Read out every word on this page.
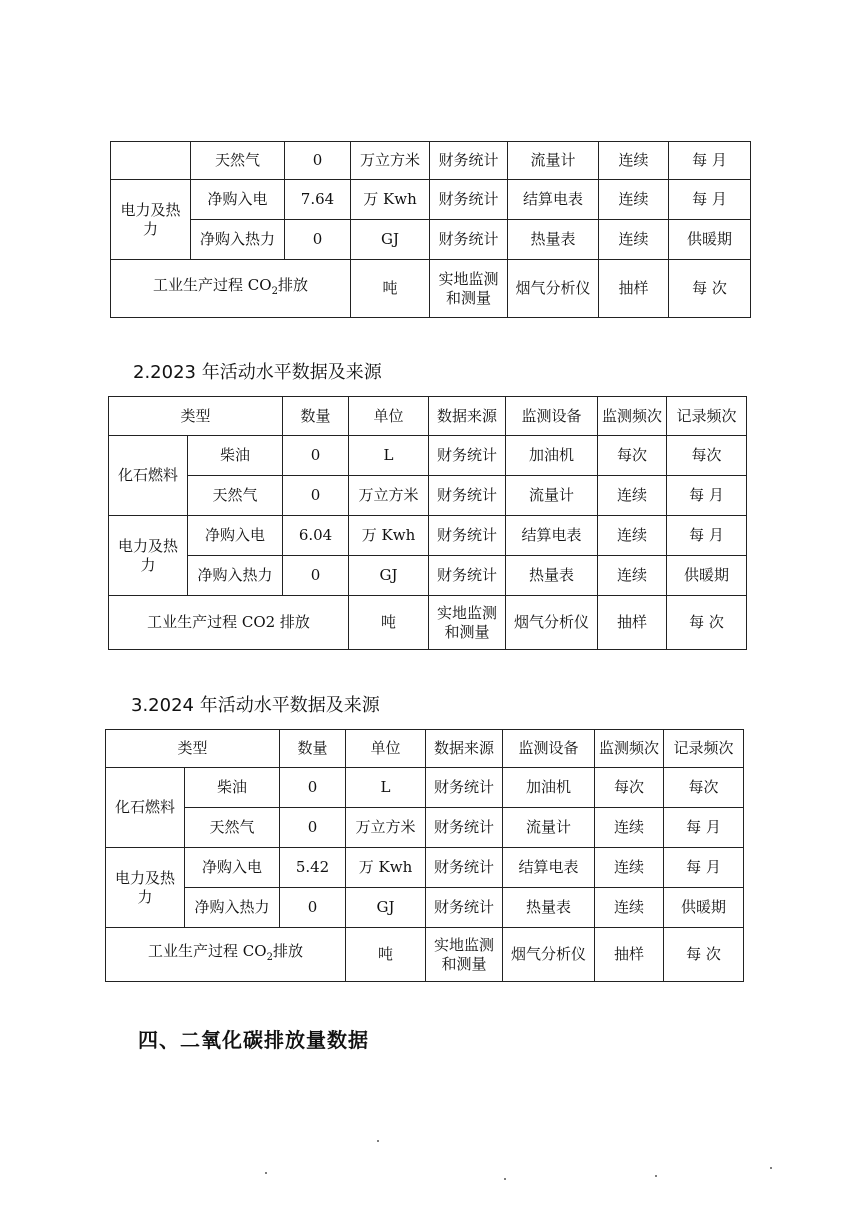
	天然气	0	万立方米	财务统计	流量计	连续	每 月
电力及热力	净购入电	7.64	万 Kwh	财务统计	结算电表	连续	每 月
	净购入热力	0	GJ	财务统计	热量表	连续	供暖期
工业生产过程 $CO_2$排放			吨	实地监测和测量	烟气分析仪	抽样	每 次
2.2023 年活动水平数据及来源
类型		数量	单位	数据来源	监测设备	监测频次	记录频次
化石燃料	柴油	0	L	财务统计	加油机	每次	每次
	天然气	0	万立方米	财务统计	流量计	连续	每 月
电力及热力	净购入电	6.04	万 Kwh	财务统计	结算电表	连续	每 月
	净购入热力	0	GJ	财务统计	热量表	连续	供暖期
工业生产过程 CO2 排放			吨	实地监测和测量	烟气分析仪	抽样	每 次
3.2024 年活动水平数据及来源
类型		数量	单位	数据来源	监测设备	监测频次	记录频次
化石燃料	柴油	0	L	财务统计	加油机	每次	每次
	天然气	0	万立方米	财务统计	流量计	连续	每 月
电力及热力	净购入电	5.42	万 Kwh	财务统计	结算电表	连续	每 月
	净购入热力	0	GJ	财务统计	热量表	连续	供暖期
工业生产过程 $CO_2$排放			吨	实地监测和测量	烟气分析仪	抽样	每 次
四、二氧化碳排放量数据
